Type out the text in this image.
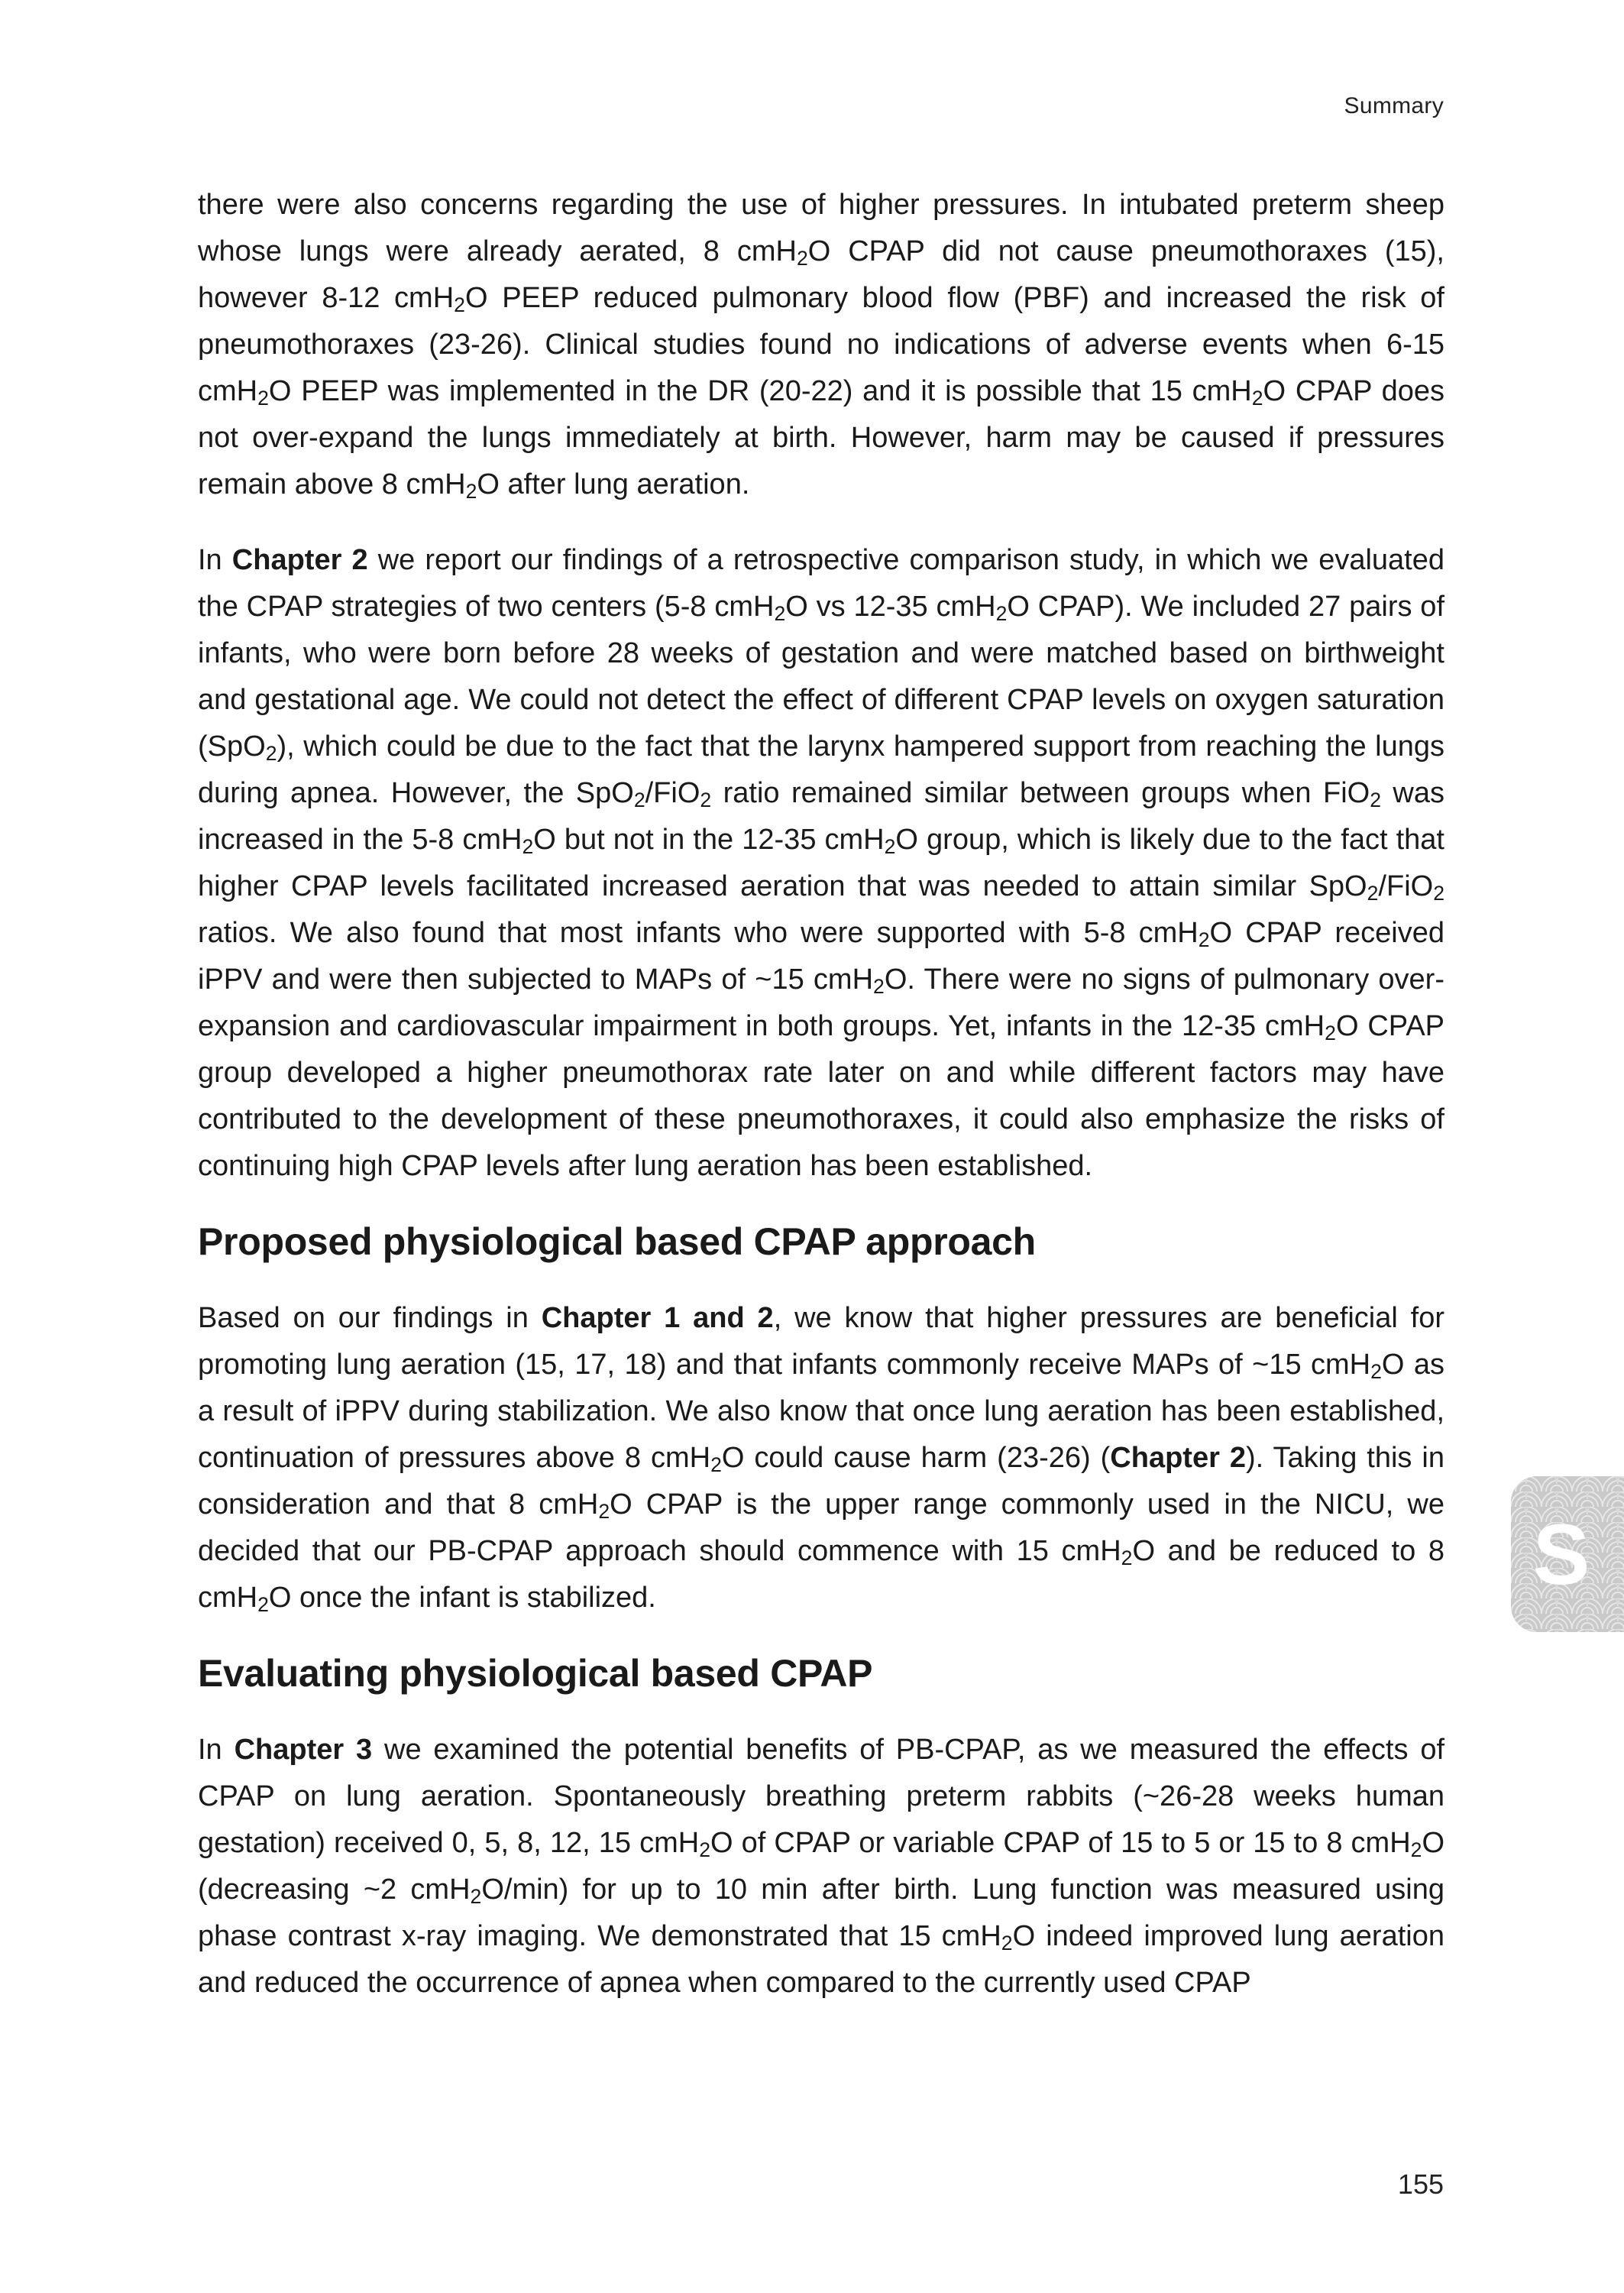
Summary

there were also concerns regarding the use of higher pressures. In intubated preterm sheep whose lungs were already aerated, 8 cmH$_2$O CPAP did not cause pneumothoraxes (15), however 8-12 cmH$_2$O PEEP reduced pulmonary blood flow (PBF) and increased the risk of pneumothoraxes (23-26). Clinical studies found no indications of adverse events when 6-15 cmH$_2$O PEEP was implemented in the DR (20-22) and it is possible that 15 cmH$_2$O CPAP does not over-expand the lungs immediately at birth. However, harm may be caused if pressures remain above 8 cmH$_2$O after lung aeration.

In Chapter 2 we report our findings of a retrospective comparison study, in which we evaluated the CPAP strategies of two centers (5-8 cmH$_2$O vs 12-35 cmH$_2$O CPAP). We included 27 pairs of infants, who were born before 28 weeks of gestation and were matched based on birthweight and gestational age. We could not detect the effect of different CPAP levels on oxygen saturation (SpO$_2$), which could be due to the fact that the larynx hampered support from reaching the lungs during apnea. However, the SpO$_2$/FiO$_2$ ratio remained similar between groups when FiO$_2$ was increased in the 5-8 cmH$_2$O but not in the 12-35 cmH$_2$O group, which is likely due to the fact that higher CPAP levels facilitated increased aeration that was needed to attain similar SpO$_2$/FiO$_2$ ratios. We also found that most infants who were supported with 5-8 cmH$_2$O CPAP received iPPV and were then subjected to MAPs of ~15 cmH$_2$O. There were no signs of pulmonary over-expansion and cardiovascular impairment in both groups. Yet, infants in the 12-35 cmH$_2$O CPAP group developed a higher pneumothorax rate later on and while different factors may have contributed to the development of these pneumothoraxes, it could also emphasize the risks of continuing high CPAP levels after lung aeration has been established.

Proposed physiological based CPAP approach

Based on our findings in Chapter 1 and 2, we know that higher pressures are beneficial for promoting lung aeration (15, 17, 18) and that infants commonly receive MAPs of ~15 cmH$_2$O as a result of iPPV during stabilization. We also know that once lung aeration has been established, continuation of pressures above 8 cmH$_2$O could cause harm (23-26) (Chapter 2). Taking this in consideration and that 8 cmH$_2$O CPAP is the upper range commonly used in the NICU, we decided that our PB-CPAP approach should commence with 15 cmH$_2$O and be reduced to 8 cmH$_2$O once the infant is stabilized.

Evaluating physiological based CPAP

In Chapter 3 we examined the potential benefits of PB-CPAP, as we measured the effects of CPAP on lung aeration. Spontaneously breathing preterm rabbits (~26-28 weeks human gestation) received 0, 5, 8, 12, 15 cmH$_2$O of CPAP or variable CPAP of 15 to 5 or 15 to 8 cmH$_2$O (decreasing ~2 cmH$_2$O/min) for up to 10 min after birth. Lung function was measured using phase contrast x-ray imaging. We demonstrated that 15 cmH$_2$O indeed improved lung aeration and reduced the occurrence of apnea when compared to the currently used CPAP

S
155
